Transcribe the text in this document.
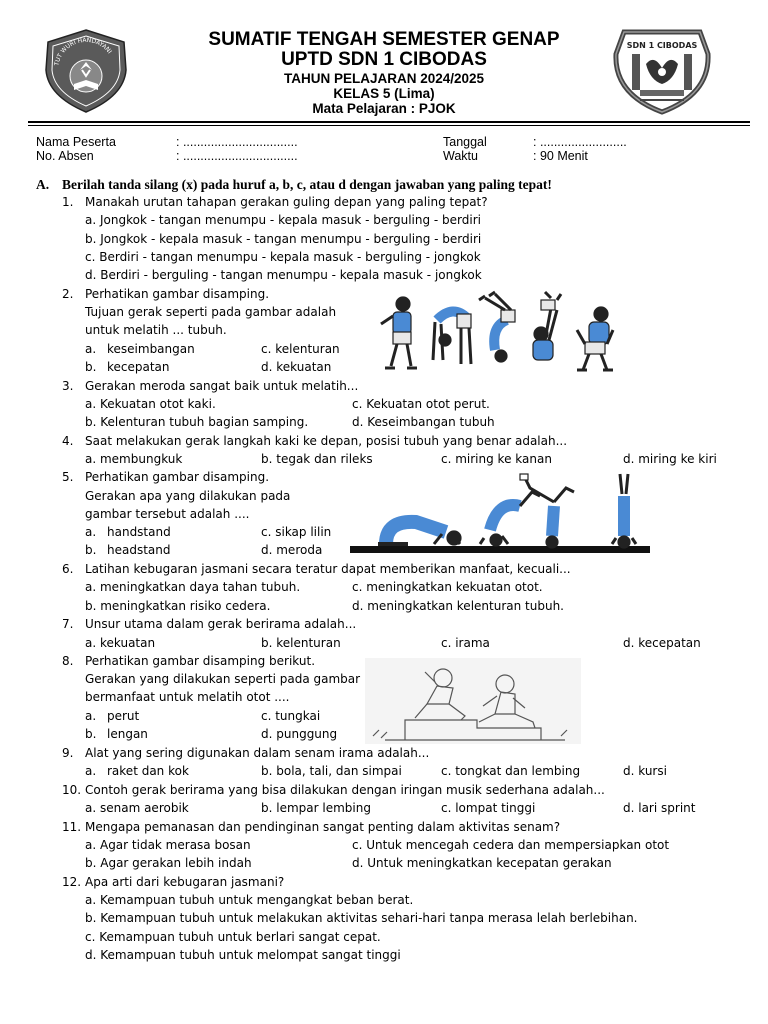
TUT WURI HANDAYANI
SUMATIF TENGAH SEMESTER GENAP
UPTD SDN 1 CIBODAS
TAHUN PELAJARAN 2024/2025
KELAS 5 (Lima)
Mata Pelajaran : PJOK
SDN 1 CIBODAS
Nama Peserta	: .................................
No. Absen	: .................................
Tanggal	: .........................
Waktu	: 90 Menit
A. Berilah tanda silang (x) pada huruf a, b, c, atau d dengan jawaban yang paling tepat!
1. Manakah urutan tahapan gerakan guling depan yang paling tepat?
a. Jongkok - tangan menumpu - kepala masuk - berguling - berdiri
b. Jongkok - kepala masuk - tangan menumpu - berguling - berdiri
c. Berdiri - tangan menumpu - kepala masuk - berguling - jongkok
d. Berdiri - berguling - tangan menumpu - kepala masuk - jongkok
2. Perhatikan gambar disamping.
Tujuan gerak seperti pada gambar adalah
untuk melatih ... tubuh.
a. keseimbangan	c. kelenturan
b. kecepatan	d. kekuatan
3. Gerakan meroda sangat baik untuk melatih...
a. Kekuatan otot kaki.	c. Kekuatan otot perut.
b. Kelenturan tubuh bagian samping.	d. Keseimbangan tubuh
4. Saat melakukan gerak langkah kaki ke depan, posisi tubuh yang benar adalah...
a. membungkuk	b. tegak dan rileks	c. miring ke kanan	d. miring ke kiri
5. Perhatikan gambar disamping.
Gerakan apa yang dilakukan pada
gambar tersebut adalah ....
a. handstand	c. sikap lilin
b. headstand	d. meroda
6. Latihan kebugaran jasmani secara teratur dapat memberikan manfaat, kecuali...
a. meningkatkan daya tahan tubuh.	c. meningkatkan kekuatan otot.
b. meningkatkan risiko cedera.	d. meningkatkan kelenturan tubuh.
7. Unsur utama dalam gerak berirama adalah...
a. kekuatan	b. kelenturan	c. irama	d. kecepatan
8. Perhatikan gambar disamping berikut.
Gerakan yang dilakukan seperti pada gambar
bermanfaat untuk melatih otot ....
a. perut	c. tungkai
b. lengan	d. punggung
9. Alat yang sering digunakan dalam senam irama adalah...
a. raket dan kok	b. bola, tali, dan simpai	c. tongkat dan lembing	d. kursi
10. Contoh gerak berirama yang bisa dilakukan dengan iringan musik sederhana adalah...
a. senam aerobik	b. lempar lembing	c. lompat tinggi	d. lari sprint
11. Mengapa pemanasan dan pendinginan sangat penting dalam aktivitas senam?
a. Agar tidak merasa bosan	c. Untuk mencegah cedera dan mempersiapkan otot
b. Agar gerakan lebih indah	d. Untuk meningkatkan kecepatan gerakan
12. Apa arti dari kebugaran jasmani?
a. Kemampuan tubuh untuk mengangkat beban berat.
b. Kemampuan tubuh untuk melakukan aktivitas sehari-hari tanpa merasa lelah berlebihan.
c. Kemampuan tubuh untuk berlari sangat cepat.
d. Kemampuan tubuh untuk melompat sangat tinggi
